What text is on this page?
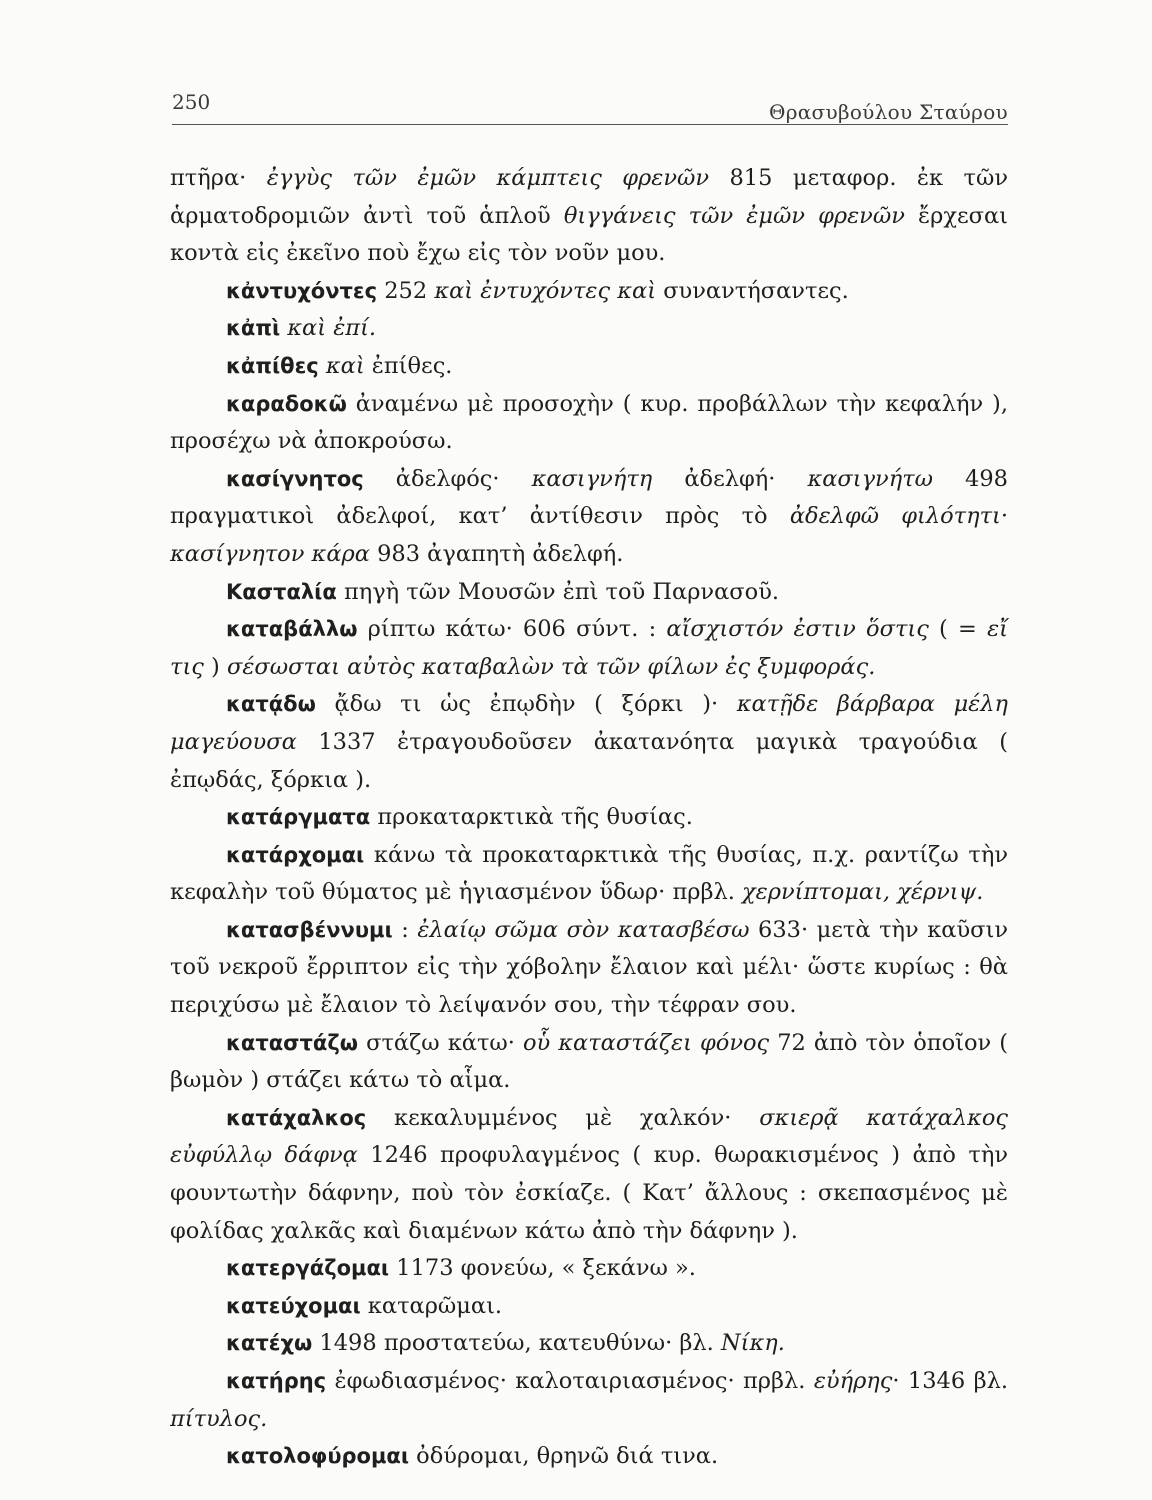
250	Θρασυβούλου Σταύρου

πτῆρα· ἐγγὺς τῶν ἐμῶν κάμπτεις φρενῶν 815 μεταφορ. ἐκ τῶν ἁρματοδρομιῶν ἀντὶ τοῦ ἁπλοῦ θιγγάνεις τῶν ἐμῶν φρενῶν ἔρχεσαι κοντὰ εἰς ἐκεῖνο ποὺ ἔχω εἰς τὸν νοῦν μου.

κἀντυχόντες 252 καὶ ἐντυχόντες καὶ συναντήσαντες.

κἀπὶ καὶ ἐπί.

κἀπίθες καὶ ἐπίθες.

καραδοκῶ ἀναμένω μὲ προσοχὴν ( κυρ. προβάλλων τὴν κεφαλήν ), προσέχω νὰ ἀποκρούσω.

κασίγνητος ἀδελφός· κασιγνήτη ἀδελφή· κασιγνήτω 498 πραγματικοὶ ἀδελφοί, κατ’ ἀντίθεσιν πρὸς τὸ ἀδελφῶ φιλότητι· κασίγνητον κάρα 983 ἀγαπητὴ ἀδελφή.

Κασταλία πηγὴ τῶν Μουσῶν ἐπὶ τοῦ Παρνασοῦ.

καταβάλλω ρίπτω κάτω· 606 σύντ. : αἴσχιστόν ἐστιν ὅστις ( = εἴ τις ) σέσωσται αὐτὸς καταβαλὼν τὰ τῶν φίλων ἐς ξυμφοράς.

κατᾴδω ᾄδω τι ὡς ἐπῳδὴν ( ξόρκι )· κατῇδε βάρβαρα μέλη μαγεύουσα 1337 ἐτραγουδοῦσεν ἀκατανόητα μαγικὰ τραγούδια ( ἐπῳδάς, ξόρκια ).

κατάργματα προκαταρκτικὰ τῆς θυσίας.

κατάρχομαι κάνω τὰ προκαταρκτικὰ τῆς θυσίας, π.χ. ραντίζω τὴν κεφαλὴν τοῦ θύματος μὲ ἡγιασμένον ὕδωρ· πρβλ. χερνίπτομαι, χέρνιψ.

κατασβέννυμι : ἐλαίῳ σῶμα σὸν κατασβέσω 633· μετὰ τὴν καῦσιν τοῦ νεκροῦ ἔρριπτον εἰς τὴν χόβολην ἔλαιον καὶ μέλι· ὥστε κυρίως : θὰ περιχύσω μὲ ἔλαιον τὸ λείψανόν σου, τὴν τέφραν σου.

καταστάζω στάζω κάτω· οὗ καταστάζει φόνος 72 ἀπὸ τὸν ὁποῖον ( βωμὸν ) στάζει κάτω τὸ αἷμα.

κατάχαλκος κεκαλυμμένος μὲ χαλκόν· σκιερᾷ κατάχαλκος εὐφύλλῳ δάφνᾳ 1246 προφυλαγμένος ( κυρ. θωρακισμένος ) ἀπὸ τὴν φουντωτὴν δάφνην, ποὺ τὸν ἐσκίαζε. ( Κατ’ ἄλλους : σκεπασμένος μὲ φολίδας χαλκᾶς καὶ διαμένων κάτω ἀπὸ τὴν δάφνην ).

κατεργάζομαι 1173 φονεύω, « ξεκάνω ».

κατεύχομαι καταρῶμαι.

κατέχω 1498 προστατεύω, κατευθύνω· βλ. Νίκη.

κατήρης ἐφωδιασμένος· καλοταιριασμένος· πρβλ. εὐήρης· 1346 βλ. πίτυλος.

κατολοφύρομαι ὀδύρομαι, θρηνῶ διά τινα.
